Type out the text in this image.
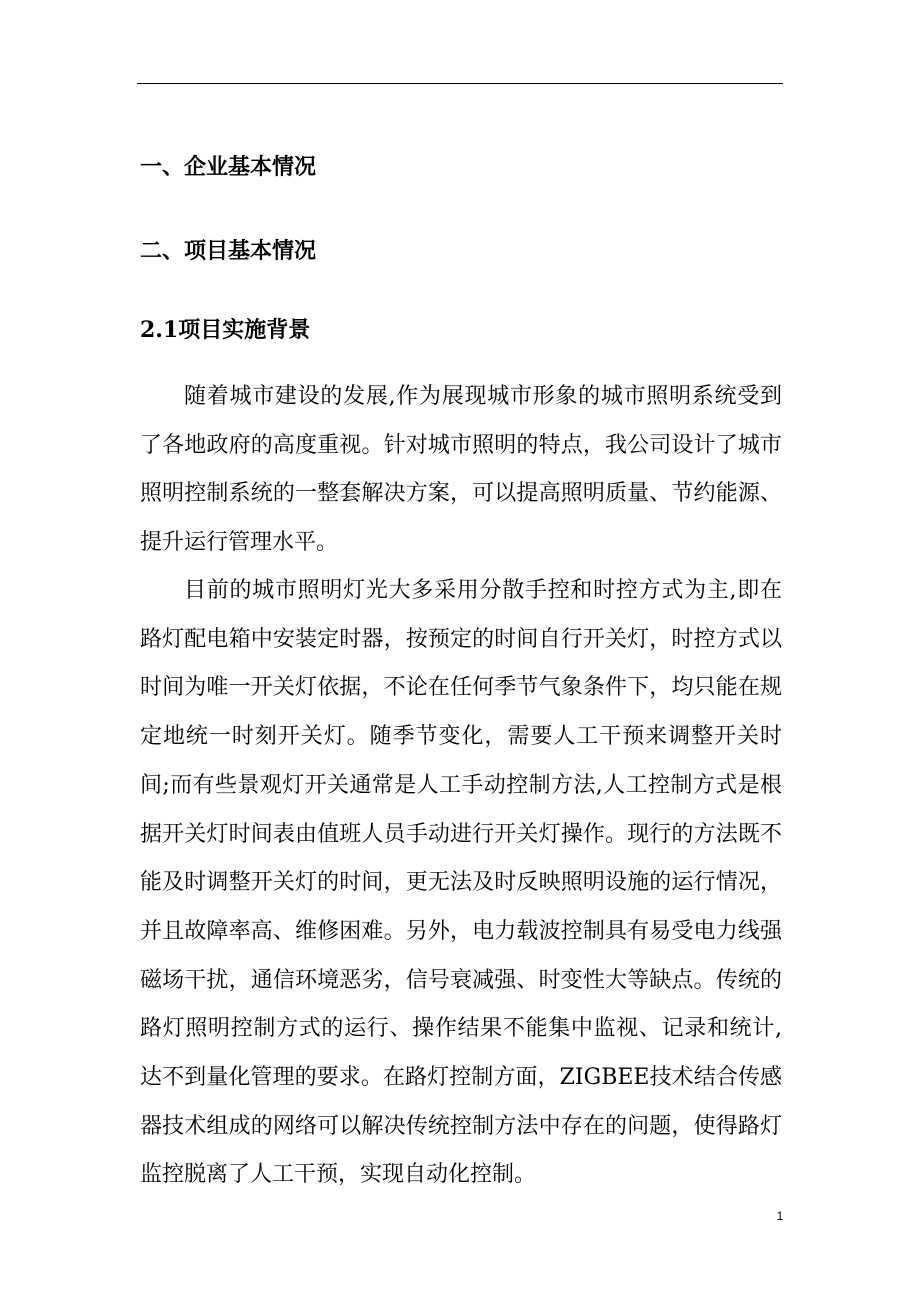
一、企业基本情况
二、项目基本情况
2.1项目实施背景

随着城市建设的发展,作为展现城市形象的城市照明系统受到了各地政府的高度重视。针对城市照明的特点，我公司设计了城市照明控制系统的一整套解决方案，可以提高照明质量、节约能源、提升运行管理水平。

目前的城市照明灯光大多采用分散手控和时控方式为主,即在路灯配电箱中安装定时器，按预定的时间自行开关灯，时控方式以时间为唯一开关灯依据，不论在任何季节气象条件下，均只能在规定地统一时刻开关灯。随季节变化，需要人工干预来调整开关时间;而有些景观灯开关通常是人工手动控制方法,人工控制方式是根据开关灯时间表由值班人员手动进行开关灯操作。现行的方法既不能及时调整开关灯的时间，更无法及时反映照明设施的运行情况，并且故障率高、维修困难。另外，电力载波控制具有易受电力线强磁场干扰，通信环境恶劣，信号衰减强、时变性大等缺点。传统的路灯照明控制方式的运行、操作结果不能集中监视、记录和统计,达不到量化管理的要求。在路灯控制方面，ZIGBEE技术结合传感器技术组成的网络可以解决传统控制方法中存在的问题，使得路灯监控脱离了人工干预，实现自动化控制。

1
